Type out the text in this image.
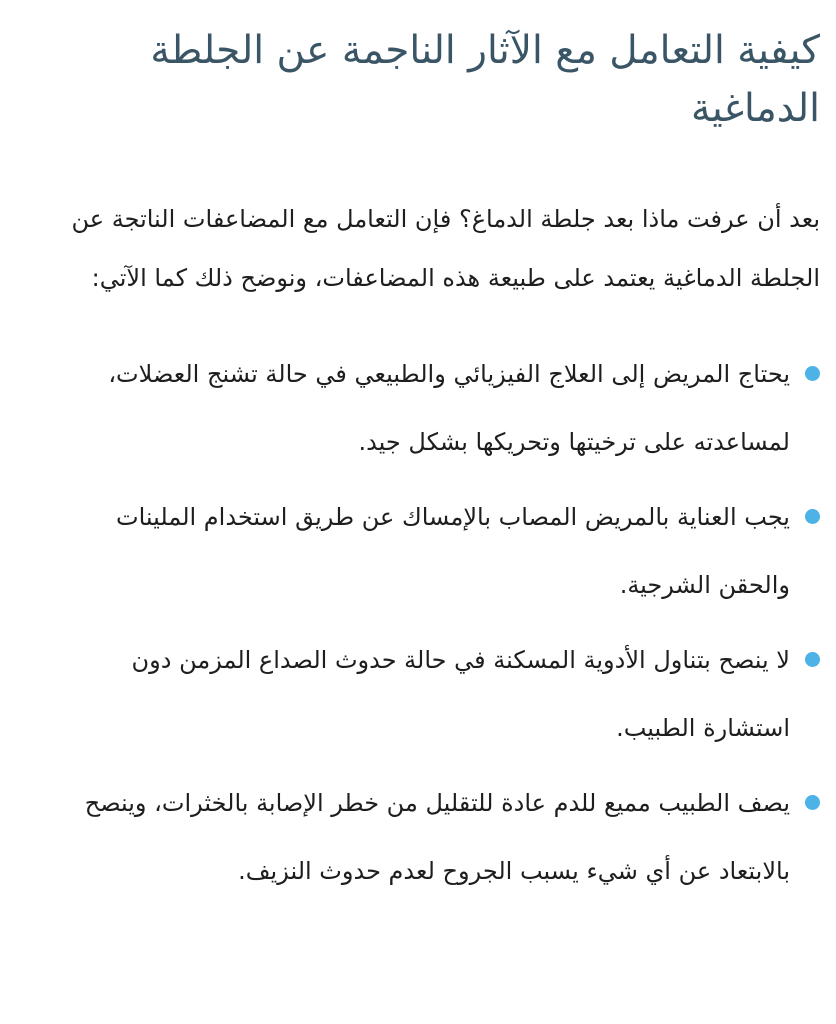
كيفية التعامل مع الآثار الناجمة عن الجلطة الدماغية

بعد أن عرفت ماذا بعد جلطة الدماغ؟ فإن التعامل مع المضاعفات الناتجة عن الجلطة الدماغية يعتمد على طبيعة هذه المضاعفات، ونوضح ذلك كما الآتي:

يحتاج المريض إلى العلاج الفيزيائي والطبيعي في حالة تشنج العضلات، لمساعدته على ترخيتها وتحريكها بشكل جيد.
يجب العناية بالمريض المصاب بالإمساك عن طريق استخدام الملينات والحقن الشرجية.
لا ينصح بتناول الأدوية المسكنة في حالة حدوث الصداع المزمن دون استشارة الطبيب.
يصف الطبيب مميع للدم عادة للتقليل من خطر الإصابة بالخثرات، وينصح بالابتعاد عن أي شيء يسبب الجروح لعدم حدوث النزيف.
